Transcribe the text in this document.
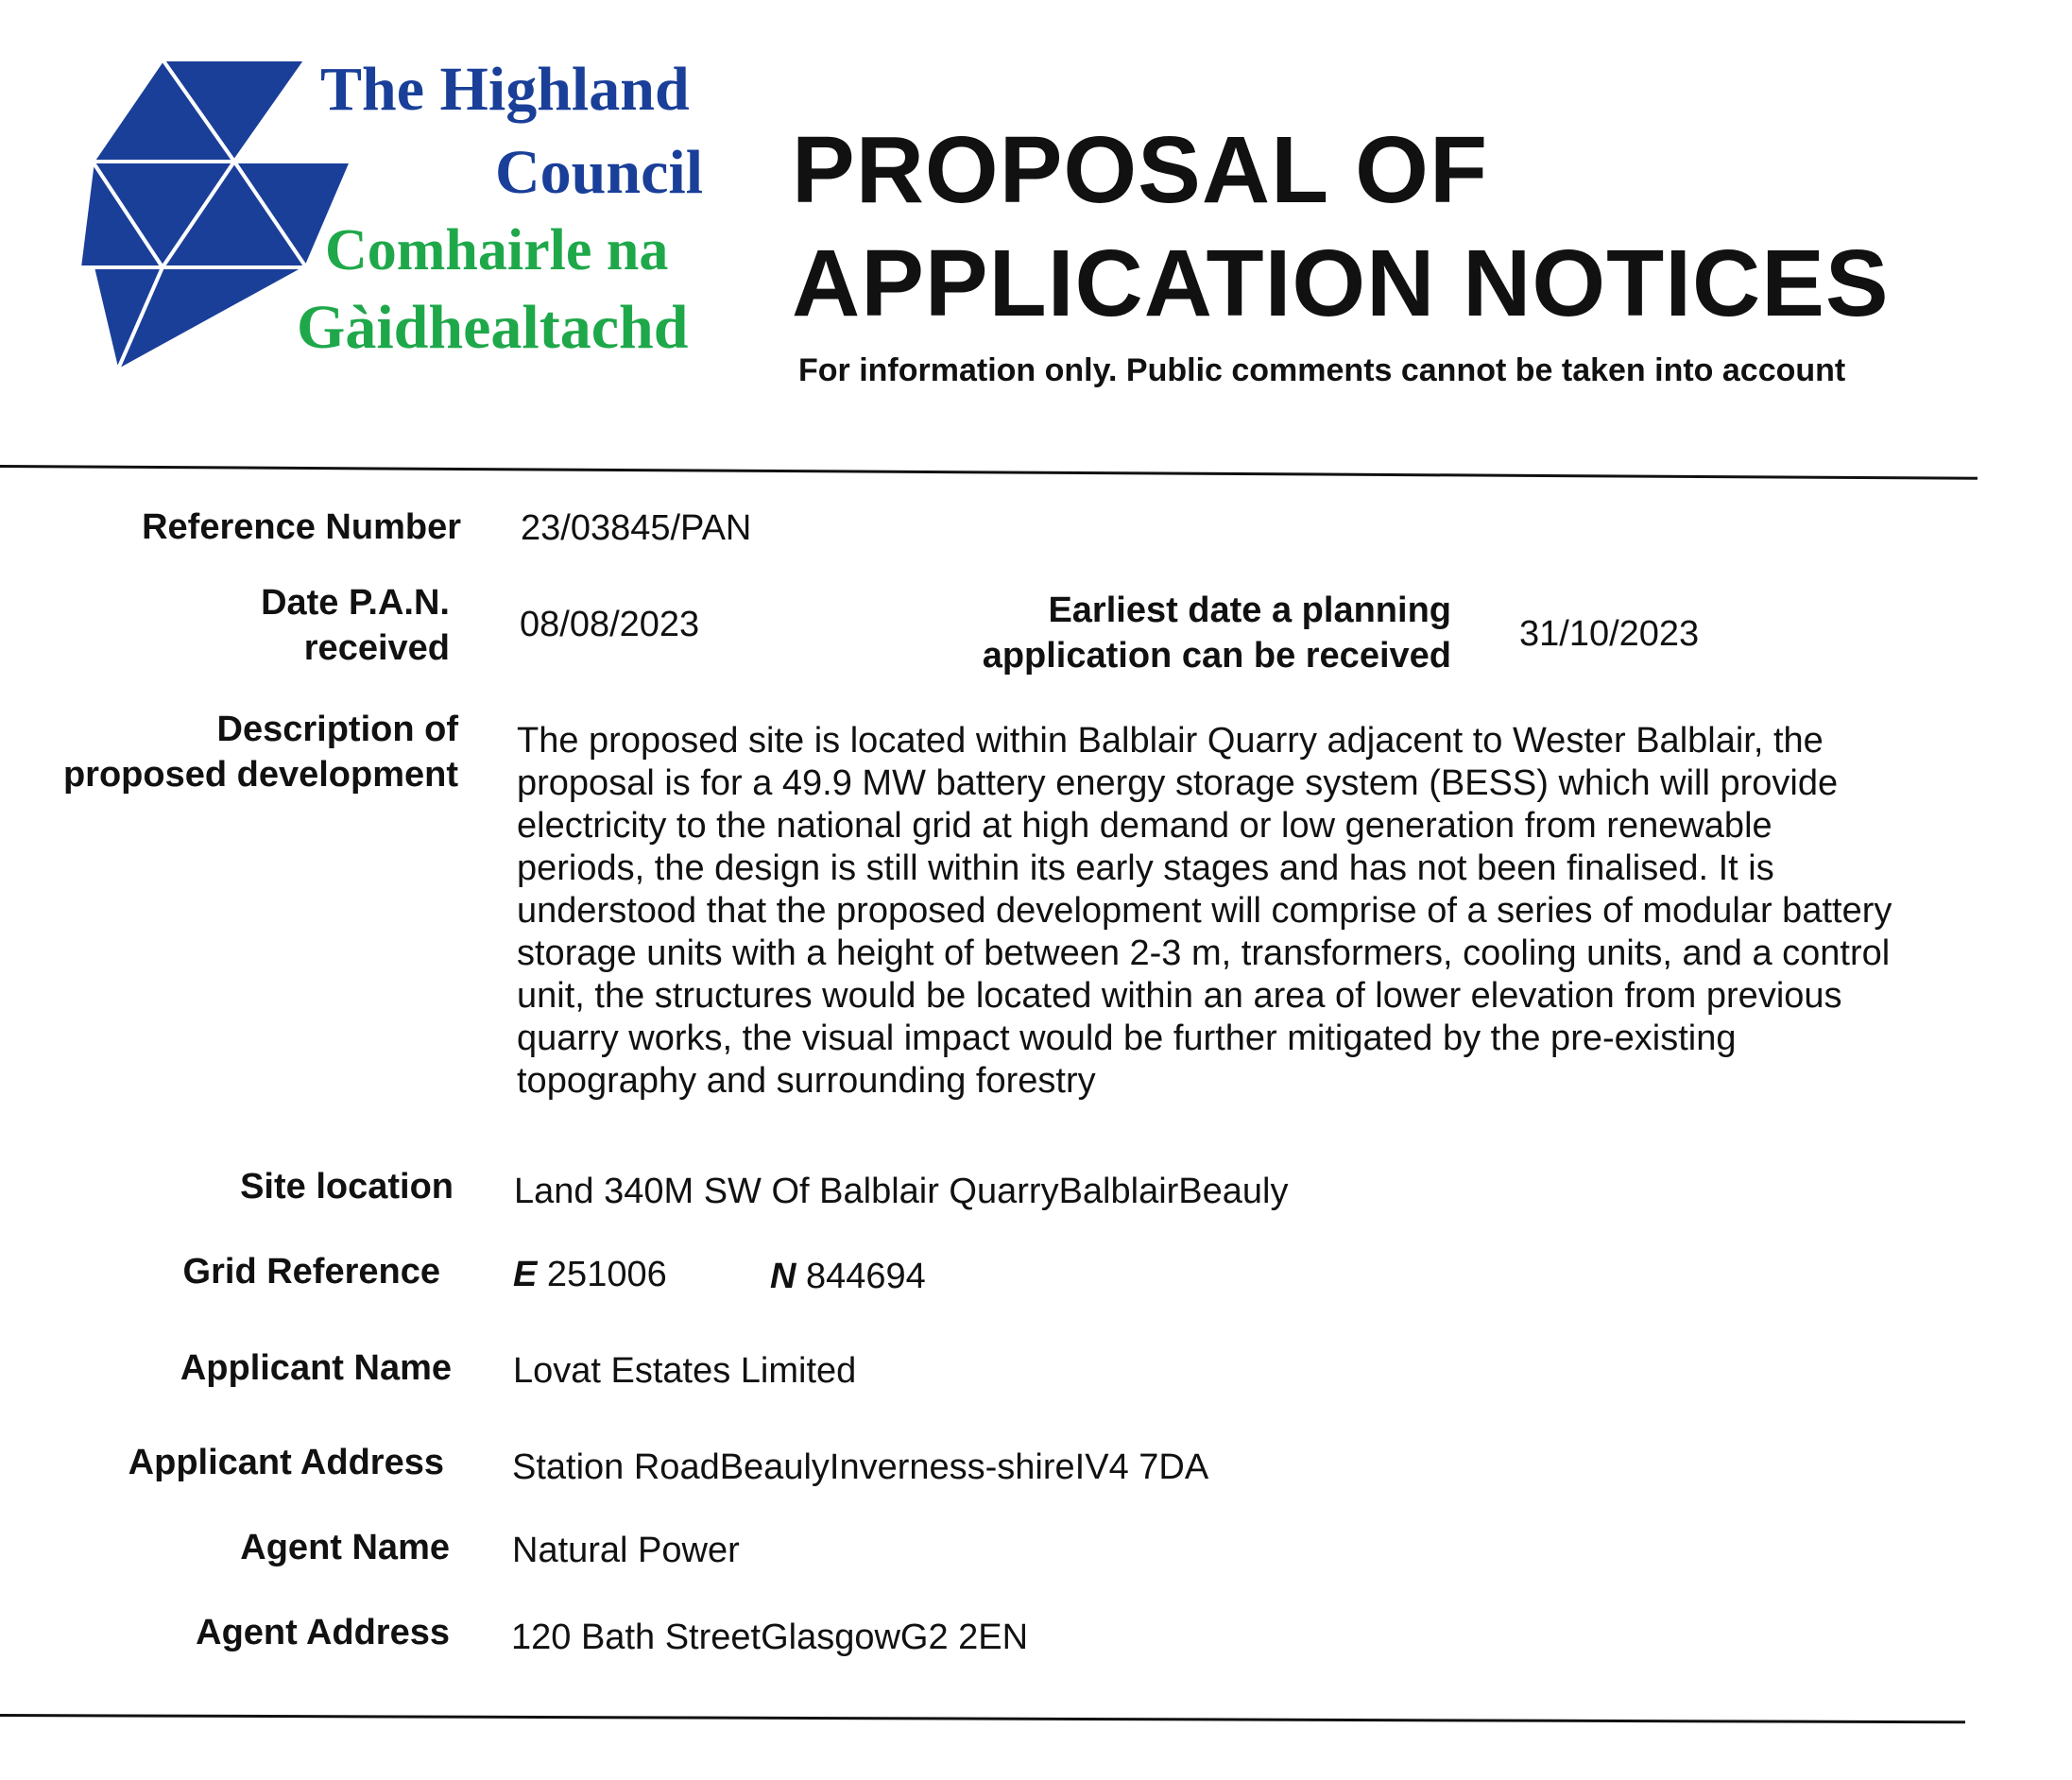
The Highland
Council
Comhairle na
Gàidhealtachd
PROPOSAL OF
APPLICATION NOTICES
For information only. Public comments cannot be taken into account
Reference Number 23/03845/PAN
Date P.A.N.
received
08/08/2023	Earliest date a planning
application can be received
31/10/2023
Description of
proposed development
The proposed site is located within Balblair Quarry adjacent to Wester Balblair, the proposal is for a 49.9 MW battery energy storage system (BESS) which will provide electricity to the national grid at high demand or low generation from renewable periods, the design is still within its early stages and has not been finalised. It is understood that the proposed development will comprise of a series of modular battery storage units with a height of between 2-3 m, transformers, cooling units, and a control unit, the structures would be located within an area of lower elevation from previous quarry works, the visual impact would be further mitigated by the pre-existing topography and surrounding forestry
Site location Land 340M SW Of Balblair QuarryBalblairBeauly
Grid Reference E 251006	N 844694
Applicant Name Lovat Estates Limited
Applicant Address Station RoadBeaulyInverness-shireIV4 7DA
Agent Name Natural Power
Agent Address 120 Bath StreetGlasgowG2 2EN
